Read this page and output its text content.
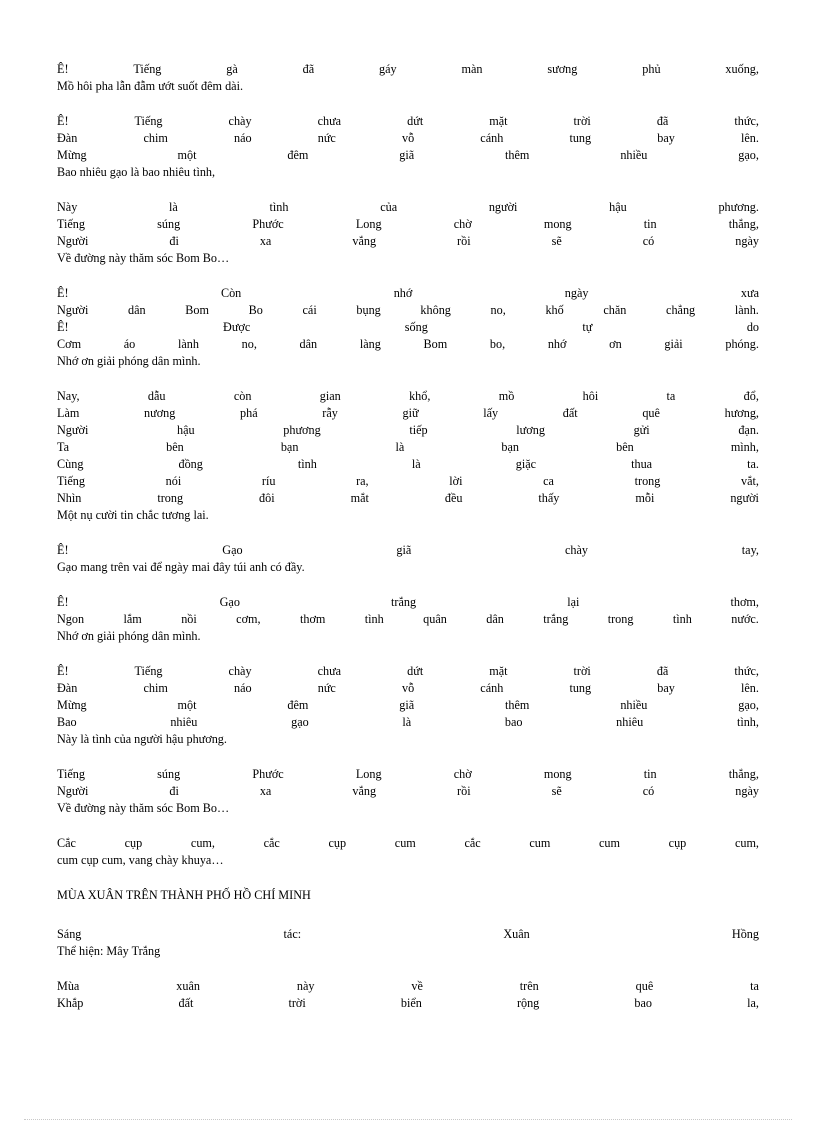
Ê!	Tiếng	gà	đã	gáy	màn	sương	phủ	xuống,
Mồ hôi pha lẫn đẫm ướt suốt đêm dài.
Ê!	Tiếng	chày	chưa	dứt	mặt	trời	đã	thức,
Đàn	chim	náo	nức	vỗ	cánh	tung	bay	lên.
Mừng	một	đêm	giã	thêm	nhiều	gạo,
Bao nhiêu gạo là bao nhiêu tình,
Này	là	tình	của	người	hậu	phương.
Tiếng	súng	Phước	Long	chờ	mong	tin	thắng,
Người	đi	xa	vắng	rồi	sẽ	có	ngày
Về đường này thăm sóc Bom Bo…
Ê!	Còn	nhớ	ngày	xưa
Người	dân	Bom	Bo	cái	bụng	không	no,	khố	chăn	chẳng	lành.
Ê!	Được	sống	tự	do
Cơm	áo	lành	no,	dân	làng	Bom	bo,	nhớ	ơn	giải	phóng.
Nhớ ơn giải phóng dân mình.
Nay,	dẫu	còn	gian	khổ,	mồ	hôi	ta	đổ,
Làm	nương	phá	rẫy	giữ	lấy	đất	quê	hương,
Người	hậu	phương	tiếp	lương	gửi	đạn.
Ta	bên	bạn	là	bạn	bên	mình,
Cùng	đồng	tình	là	giặc	thua	ta.
Tiếng	nói	ríu	ra,	lời	ca	trong	vắt,
Nhìn	trong	đôi	mắt	đều	thấy	mỗi	người
Một nụ cười tin chắc tương lai.
Ê!	Gạo	giã	chày	tay,
Gạo mang trên vai để ngày mai đây túi anh có đầy.
Ê!	Gạo	trắng	lại	thơm,
Ngon	lắm	nồi	cơm,	thơm	tình	quân	dân	trắng	trong	tình	nước.
Nhớ ơn giải phóng dân mình.
Ê!	Tiếng	chày	chưa	dứt	mặt	trời	đã	thức,
Đàn	chim	náo	nức	vỗ	cánh	tung	bay	lên.
Mừng	một	đêm	giã	thêm	nhiều	gạo,
Bao	nhiêu	gạo	là	bao	nhiêu	tình,
Này là tình của người hậu phương.
Tiếng	súng	Phước	Long	chờ	mong	tin	thắng,
Người	đi	xa	vắng	rồi	sẽ	có	ngày
Về đường này thăm sóc Bom Bo…
Cắc	cụp	cum,	cắc	cụp	cum	cắc	cum	cum	cụp	cum,
cum cụp cum, vang chày khuya…
MÙA XUÂN TRÊN THÀNH PHỐ HỒ CHÍ MINH
Sáng	tác:	Xuân	Hồng
Thể hiện: Mây Trắng
Mùa	xuân	này	về	trên	quê	ta
Khắp	đất	trời	biển	rộng	bao	la,
